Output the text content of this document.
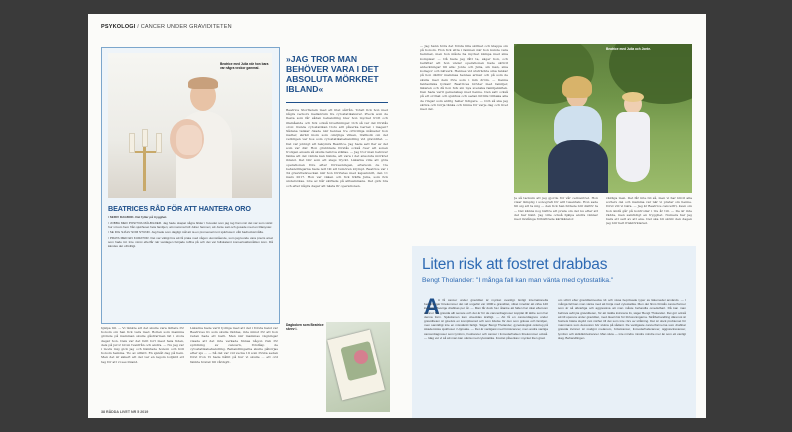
PSYKOLOGI / CANCER UNDER GRAVIDITETEN
Beatrice med Julia när hon bara var några veckor gammal.
BEATRICES RÅD FÖR ATT HANTERA ORO
/ SERIV DAGBOK. Det fyller på trygghet.
/ JOBBA MED POSITIVA MÅLBILDER. Jag hade skapat några bilder i huvudet som jag tog fram när det var som värst: hur vi kom hem från sjukhuset hela familjen; att mamma höll Julia i famnen; att Jonte satt och gosade med en lillasyster.
/ SE DIG SJÄLV SOM STUND. Jag hade som dagligt mål att ta en promenad runt sjukhuset i vått badrocksrmålla.
/ PRATA MED EN KURATOR. Det var viktigt bra att få prata med någon utomstående, som jag kunde vara precis arsel som hade tid. Inte minst efterfår när vardagen började tuffna på och det var fullskalemt konsertsaltsmålden kom. Då kändes det ofrivilligt.
»JAG TROR MAN BEHÖVER VARA I DET ABSOLUTA MÖRKRET IBLAND«
Beatrice Storflerein med ett litet sårrån. Totalt fick hon med några veckors mellanrum tre cytostatikakurer. Precis som de flesta som får sådan behandling blev hon mycket trött och illamående och fick också biverkningar. Och så var det förstås oron: Kunde cytostatikan trots allt påverka barnet i magen? Sådana tankar ökade när hennes tre ofrivilliga månader hon matter, skräll inom som omöjliga vilken, trafikolk om det verkligen var hos som cytostatikabehandling vid graviditet. — Det var jobbigt att bekymra Beatrice. Jag hade sett fler av det som var där. Hon grubblade förstås också över att sonen troligen ensam så skulle behöva ställas. — Jag tror man behöver tänka att det värsta kan hända, att vara i det absoluta mörkret ibland. Det blir som ett slags tryckt. Läkarna ville att göra operationen före efter förlossningen, eftersom de tre behandlingarna hade lett till att tumören krympt. Beatrice var i 34 gravidtetsveckan när hon förlöstes med kejsarsnitt, den 11 mars 2017. Hon var väken och fick träffa Julia, som fick undersökas. Lite av hår skiftade på alltsammans. Det gick bra och efter några dagar att nästa flr operationen.
hjälpa till. — Vi tänkte att det skulle vara lättare för honom om han fick vara med. Bollen som mamma glömde på mamman skulle gåstrarmen lät i stora dagar hon. Dels var det fullt fort mest hela tiden, dels på juror brom tvanfrån och andra. — Nu jag var i mods mig gick jag och hämtade honom och höll honom hemma. Tio av ulfärd. En sjukåt dag på hem. Men det är säkert att det var en lagom lodjärd ett tag för att vi ses ibland.
Läkarna hade varit tydliga med att det i första hand var Beatrices liv som skulle räddas, inte minst för att hon redan hade ett barn. Men när mammas vägningar visade att det inte verkade finnas någon risk för spridning av cancern, förståsp de cytostatikabehandling. Behandlingarna skulle påbörjas efter sju ... — Så det var vid vecka 19 som första sedan först fron Vi hade hållit på hur vi skulle ... ett ord tänkte höstet till vårdsjöt.
Dagboken som Beatrice skrev i.
38 RÅDDA LIVET NR 5 2019
— Jag hann höra det första lilla skriket och klappa om på honom. Hon fick sitta i famnen när hon kunde vara hemmet, men hon måste ha mycket kämpa med sina kompisar. — Då hade jag fått ta, säger hon, och berättar att hon under operationen hade skrivit anteckningar till alla: Jonte och Julia, sin man, sina kollegor och nätverk. Hennes vid utsträckte sina tankar på hon därför mammas hennes armar och på som de skulle med dem före som i min dröm. — Denna fantastiska lyckan! Beatrices bröder med familjer, läkaren och då hon fick sin nya svenska familjekärlek. Den hade varit gemenskap med henne. Den satt också på ett ordnat och sjukhus och sedan hittills tillbaka alla de ringar som aldrig heller tidigare. — Och så ska jag skriva och börja tänka och hinna för varje dag och livet med det.
Beatrice med Julia och Jonte.
Je så tackum att jag gjorde för vår cellcentret. Hon visar lämplig i sonografi för allt tusentals. Hon sade till sig att ta mig — den fick han hittade blir därför ta — Det känns nog bättre att prata om det nu efter att det har hänt. Jag ville också hjälpa andra vänner med livslånga förbättrade kärlkänslor.
väldiga men. Det får inte bli så, men vi har blivit alla sorters del och mamma var när vi pratar om henne. förut vill vi bära. — Jag är Beatrice cancerfri, även om hon ändå går på kontroller i tre år till. — De är inte rädda, men samtidigt en trygghet. Numera har jag bara ett sett av att ena. Det ska bli skönt den dagen jag blir helt friskförklarad.
Liten risk att fostret drabbas
Bengt Tholander: "I många fall kan man vänta med cytostatika."
A
tt få cancer under graviditet är mycket ovanligt. Enligt internationella beräkningar förekommer det vid ungefär var 1000:e graviditet, vilket innebär att cirka 120 kvinnor i Sverige drabbas per år. — Man får dock ha i åtanke att fallen har ökat eftersom kvinnor blir gravida allt senare och det är för de cancerdiagnoser kopplat till äldre som har denna form. Sjukdomen kan utvecklas kraftigt. — Att få en cancerdiagnos under graviditeten är givetvis en komplicerad och som lidelse för den som grävas och familjen, men samtidigt inte en misstänkt farligt. Säger Bengt Tholander, gynekologisk onkolog på Akademiska sjukhuset i Uppsala. — Det är vanligast med bröstcancer, men andra vanliga cancerdiagnoser som lymfom, hudcancer och cancer i livmoderhalsen förekommer också. — Idag vet vi så att man kan vänta med cytostatika. Fostret påverkas i mycket liten grad.
om utfört efter graviditetsvecka 14 och vissa beprövade typer av läkemedel används. — I många fall kan man vänta med att börja med cytostatika. Men det finns förstås cancerformer som är så allvarliga och aggressiva att man måste behandla omedelbart. Då kan man behöva avbryta graviditeten, för att rädda kvinnans liv, säger Bengt Tholander. Det gör också att till operera under graviditet, med ökad risk för förlossningarna. Strålbehandling däremot är fostrets bästa skydd mot närhet till det som inte rörs av strålning. Det är dock problemet för mammans som dessutom bör slutna på sådant. De vanligaste cancerformerna som drabbar gravida kvinnor är malignt melanom, bröstcancer, livmoderhalscancer, äggstockscancer, lymfom och sköldkörtelcancer. Man sluta — inte mindre mindre mindre mer än som ett vanligt slag. Behandlingen.
